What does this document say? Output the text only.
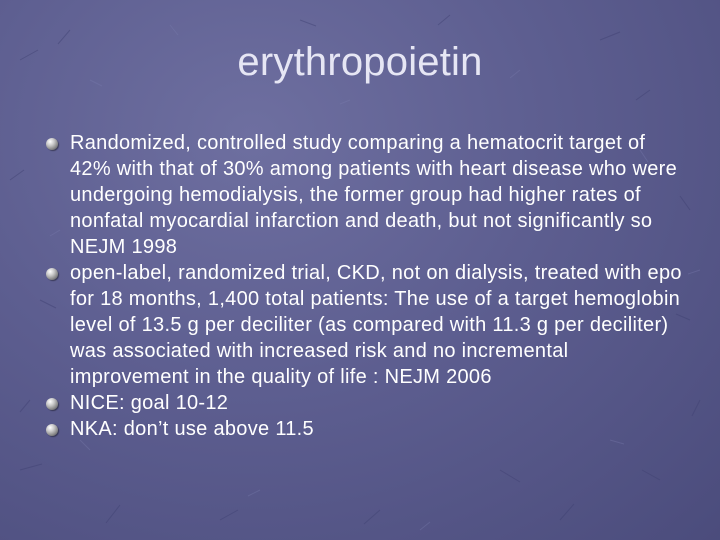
erythropoietin
Randomized, controlled study comparing a hematocrit target of 42% with that of 30% among patients with heart disease who were undergoing hemodialysis, the former group had higher rates of nonfatal myocardial infarction and death, but not significantly so NEJM 1998
open-label, randomized trial, CKD, not on dialysis, treated with epo for 18 months, 1,400 total patients: The use of a target hemoglobin level of 13.5 g per deciliter (as compared with 11.3 g per deciliter) was associated with increased risk and no incremental improvement in the quality of life : NEJM 2006
NICE: goal 10-12
NKA: don’t use above 11.5
